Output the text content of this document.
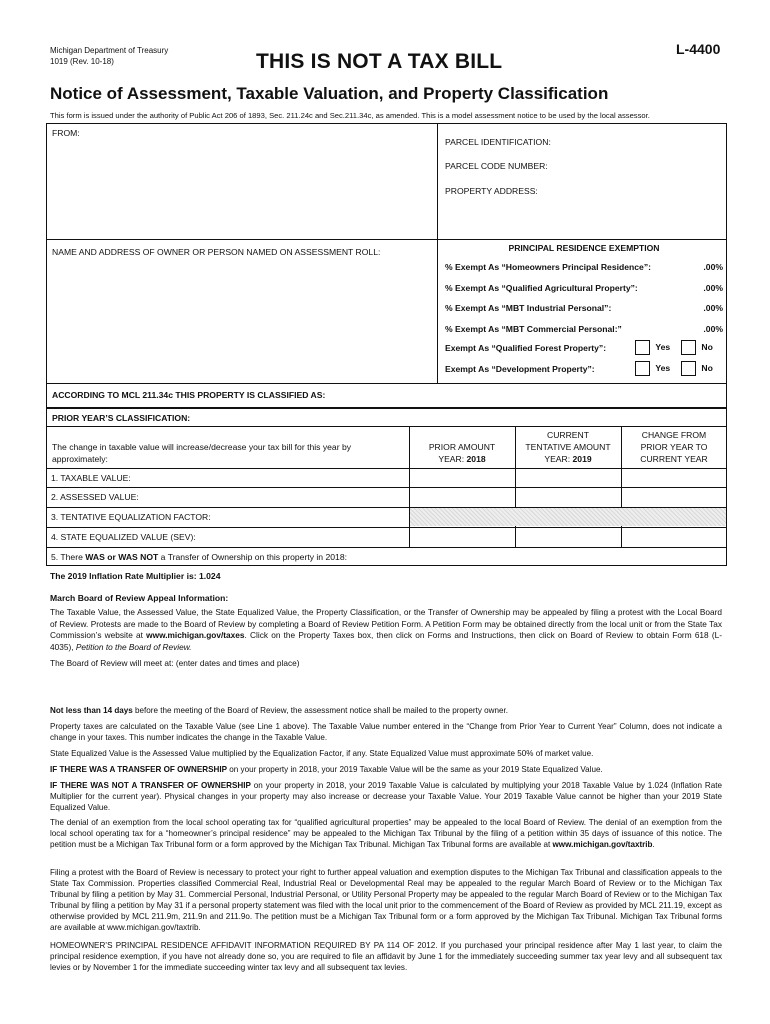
Michigan Department of Treasury
1019 (Rev. 10-18)	THIS IS NOT A TAX BILL
L-4400
Notice of Assessment, Taxable Valuation, and Property Classification
This form is issued under the authority of Public Act 206 of 1893, Sec. 211.24c and Sec.211.34c, as amended. This is a model assessment notice to be used by the local assessor.
FROM:
PARCEL IDENTIFICATION:
PARCEL CODE NUMBER:
PROPERTY ADDRESS:
NAME AND ADDRESS OF OWNER OR PERSON NAMED ON ASSESSMENT ROLL:	PRINCIPAL RESIDENCE EXEMPTION
% Exempt As “Homeowners Principal Residence”:	.00%
% Exempt As “Qualified Agricultural Property”:	.00%
% Exempt As “MBT Industrial Personal”:	.00%
% Exempt As “MBT Commercial Personal:”	.00%
Exempt As “Qualified Forest Property”:	Yes	No
Exempt As “Development Property”:	Yes	No
ACCORDING TO MCL 211.34c THIS PROPERTY IS CLASSIFIED AS:
PRIOR YEAR’S CLASSIFICATION:
The change in taxable value will increase/decrease your tax bill for this year by approximately:
PRIOR AMOUNT
YEAR: 2018
CURRENT
TENTATIVE AMOUNT
YEAR: 2019
CHANGE FROM
PRIOR YEAR TO
CURRENT YEAR
1. TAXABLE VALUE:
2. ASSESSED VALUE:
3. TENTATIVE EQUALIZATION FACTOR:
4. STATE EQUALIZED VALUE (SEV):
5. There WAS or WAS NOT a Transfer of Ownership on this property in 2018:
The 2019 Inflation Rate Multiplier is: 1.024
March Board of Review Appeal Information:
The Taxable Value, the Assessed Value, the State Equalized Value, the Property Classification, or the Transfer of Ownership may be appealed by filing a protest with the Local Board of Review. Protests are made to the Board of Review by completing a Board of Review Petition Form. A Petition Form may be obtained directly from the local unit or from the State Tax Commission’s website at www.michigan.gov/taxes. Click on the Property Taxes box, then click on Forms and Instructions, then click on Board of Review to obtain Form 618 (L-4035), Petition to the Board of Review.
The Board of Review will meet at: (enter dates and times and place)
Not less than 14 days before the meeting of the Board of Review, the assessment notice shall be mailed to the property owner.
Property taxes are calculated on the Taxable Value (see Line 1 above). The Taxable Value number entered in the “Change from Prior Year to Current Year” Column, does not indicate a change in your taxes. This number indicates the change in the Taxable Value.
State Equalized Value is the Assessed Value multiplied by the Equalization Factor, if any. State Equalized Value must approximate 50% of market value.
IF THERE WAS A TRANSFER OF OWNERSHIP on your property in 2018, your 2019 Taxable Value will be the same as your 2019 State Equalized Value.
IF THERE WAS NOT A TRANSFER OF OWNERSHIP on your property in 2018, your 2019 Taxable Value is calculated by multiplying your 2018 Taxable Value by 1.024 (Inflation Rate Multiplier for the current year). Physical changes in your property may also increase or decrease your Taxable Value. Your 2019 Taxable Value cannot be higher than your 2019 State Equalized Value.
The denial of an exemption from the local school operating tax for “qualified agricultural properties” may be appealed to the local Board of Review. The denial of an exemption from the local school operating tax for a “homeowner’s principal residence” may be appealed to the Michigan Tax Tribunal by the filing of a petition within 35 days of issuance of this notice. The petition must be a Michigan Tax Tribunal form or a form approved by the Michigan Tax Tribunal. Michigan Tax Tribunal forms are available at www.michigan.gov/taxtrib.
Filing a protest with the Board of Review is necessary to protect your right to further appeal valuation and exemption disputes to the Michigan Tax Tribunal and classification appeals to the State Tax Commission. Properties classified Commercial Real, Industrial Real or Developmental Real may be appealed to the regular March Board of Review or to the Michigan Tax Tribunal by filing a petition by May 31. Commercial Personal, Industrial Personal, or Utility Personal Property may be appealed to the regular March Board of Review or to the Michigan Tax Tribunal by filing a petition by May 31 if a personal property statement was filed with the local unit prior to the commencement of the Board of Review as provided by MCL 211.19, except as otherwise provided by MCL 211.9m, 211.9n and 211.9o. The petition must be a Michigan Tax Tribunal form or a form approved by the Michigan Tax Tribunal. Michigan Tax Tribunal forms are available at www.michigan.gov/taxtrib.
HOMEOWNER’S PRINCIPAL RESIDENCE AFFIDAVIT INFORMATION REQUIRED BY PA 114 OF 2012. If you purchased your principal residence after May 1 last year, to claim the principal residence exemption, if you have not already done so, you are required to file an affidavit by June 1 for the immediately succeeding summer tax year levy and all subsequent tax levies or by November 1 for the immediate succeeding winter tax levy and all subsequent tax levies.
